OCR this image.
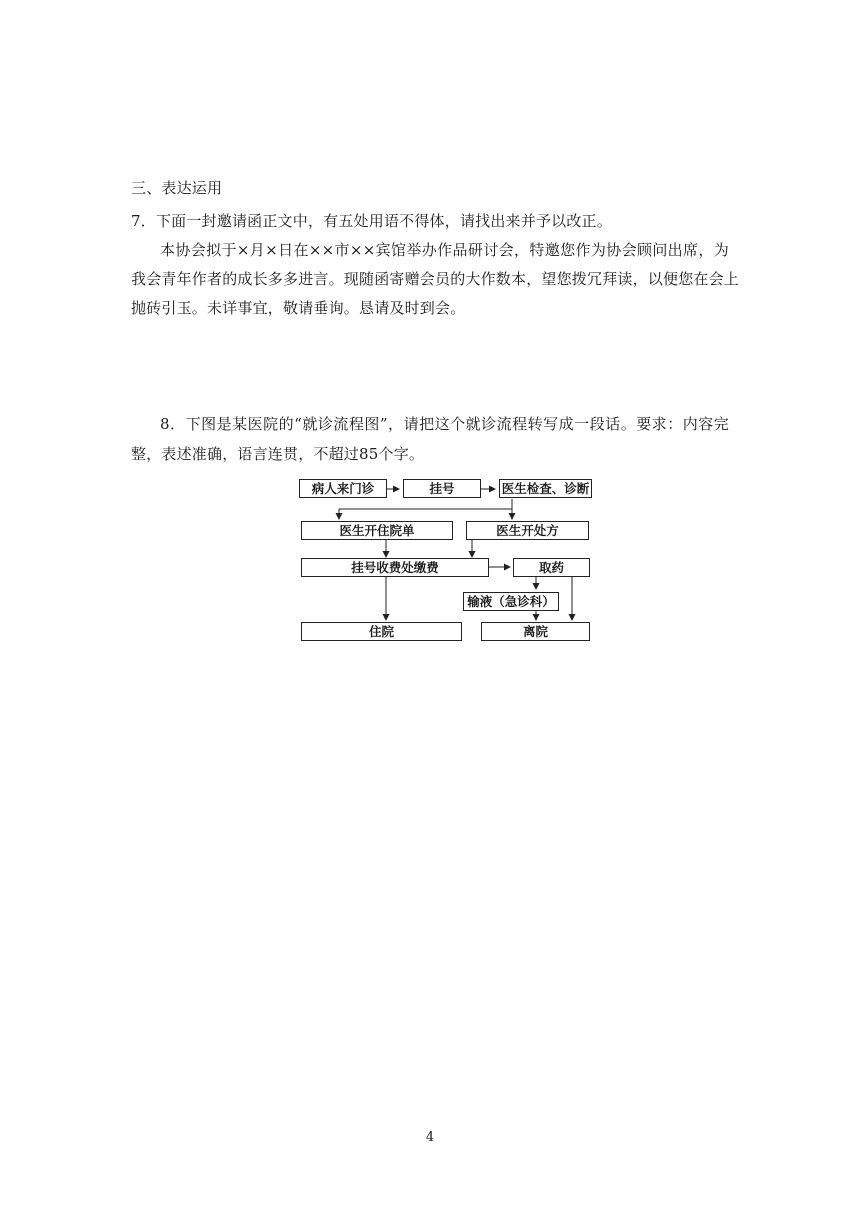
三、表达运用
7．下面一封邀请函正文中，有五处用语不得体，请找出来并予以改正。
本协会拟于×月×日在××市××宾馆举办作品研讨会，特邀您作为协会顾问出席，为
我会青年作者的成长多多进言。现随函寄赠会员的大作数本，望您拨冗拜读，以便您在会上
抛砖引玉。未详事宜，敬请垂询。恳请及时到会。
8．下图是某医院的“就诊流程图”，请把这个就诊流程转写成一段话。要求：内容完
整，表述准确，语言连贯，不超过85个字。
病人来门诊	挂号	医生检查、诊断
医生开住院单	医生开处方
挂号收费处缴费	取药
输液（急诊科）
住院	离院
4
